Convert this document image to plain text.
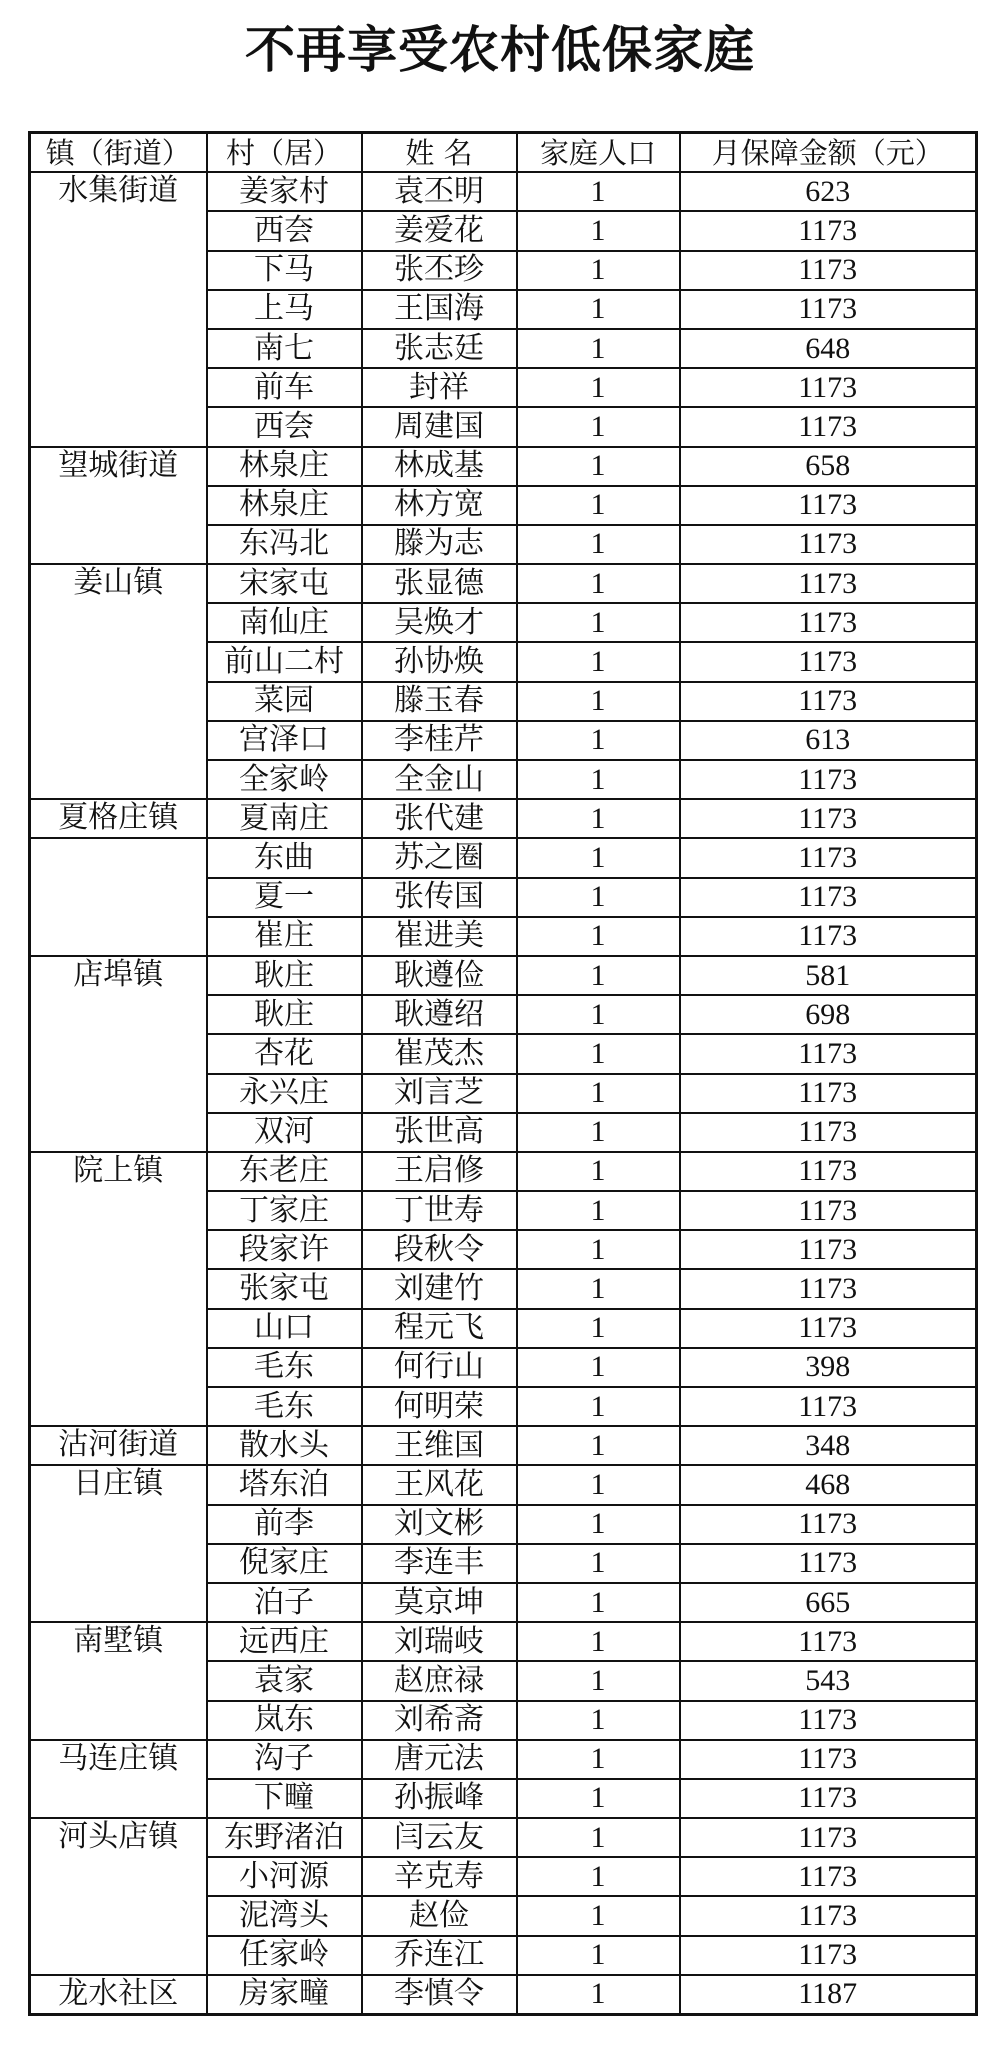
不再享受农村低保家庭
镇（街道）	村（居）	姓 名	家庭人口	月保障金额（元）
水集街道	姜家村	袁丕明	1	623
	西夽	姜爱花	1	1173
	下马	张丕珍	1	1173
	上马	王国海	1	1173
	南七	张志廷	1	648
	前车	封祥	1	1173
	西夽	周建国	1	1173
望城街道	林泉庄	林成基	1	658
	林泉庄	林方宽	1	1173
	东冯北	滕为志	1	1173
姜山镇	宋家屯	张显德	1	1173
	南仙庄	吴焕才	1	1173
	前山二村	孙协焕	1	1173
	菜园	滕玉春	1	1173
	宫泽口	李桂芹	1	613
	全家岭	全金山	1	1173
夏格庄镇	夏南庄	张代建	1	1173
	东曲	苏之圈	1	1173
	夏一	张传国	1	1173
	崔庄	崔进美	1	1173
店埠镇	耿庄	耿遵俭	1	581
	耿庄	耿遵绍	1	698
	杏花	崔茂杰	1	1173
	永兴庄	刘言芝	1	1173
	双河	张世高	1	1173
院上镇	东老庄	王启修	1	1173
	丁家庄	丁世寿	1	1173
	段家许	段秋令	1	1173
	张家屯	刘建竹	1	1173
	山口	程元飞	1	1173
	毛东	何行山	1	398
	毛东	何明荣	1	1173
沽河街道	散水头	王维国	1	348
日庄镇	塔东泊	王风花	1	468
	前李	刘文彬	1	1173
	倪家庄	李连丰	1	1173
	泊子	莫京坤	1	665
南墅镇	远西庄	刘瑞岐	1	1173
	袁家	赵庶禄	1	543
	岚东	刘希斋	1	1173
马连庄镇	沟子	唐元法	1	1173
	下疃	孙振峰	1	1173
河头店镇	东野渚泊	闫云友	1	1173
	小河源	辛克寿	1	1173
	泥湾头	赵俭	1	1173
	任家岭	乔连江	1	1173
龙水社区	房家疃	李慎令	1	1187
